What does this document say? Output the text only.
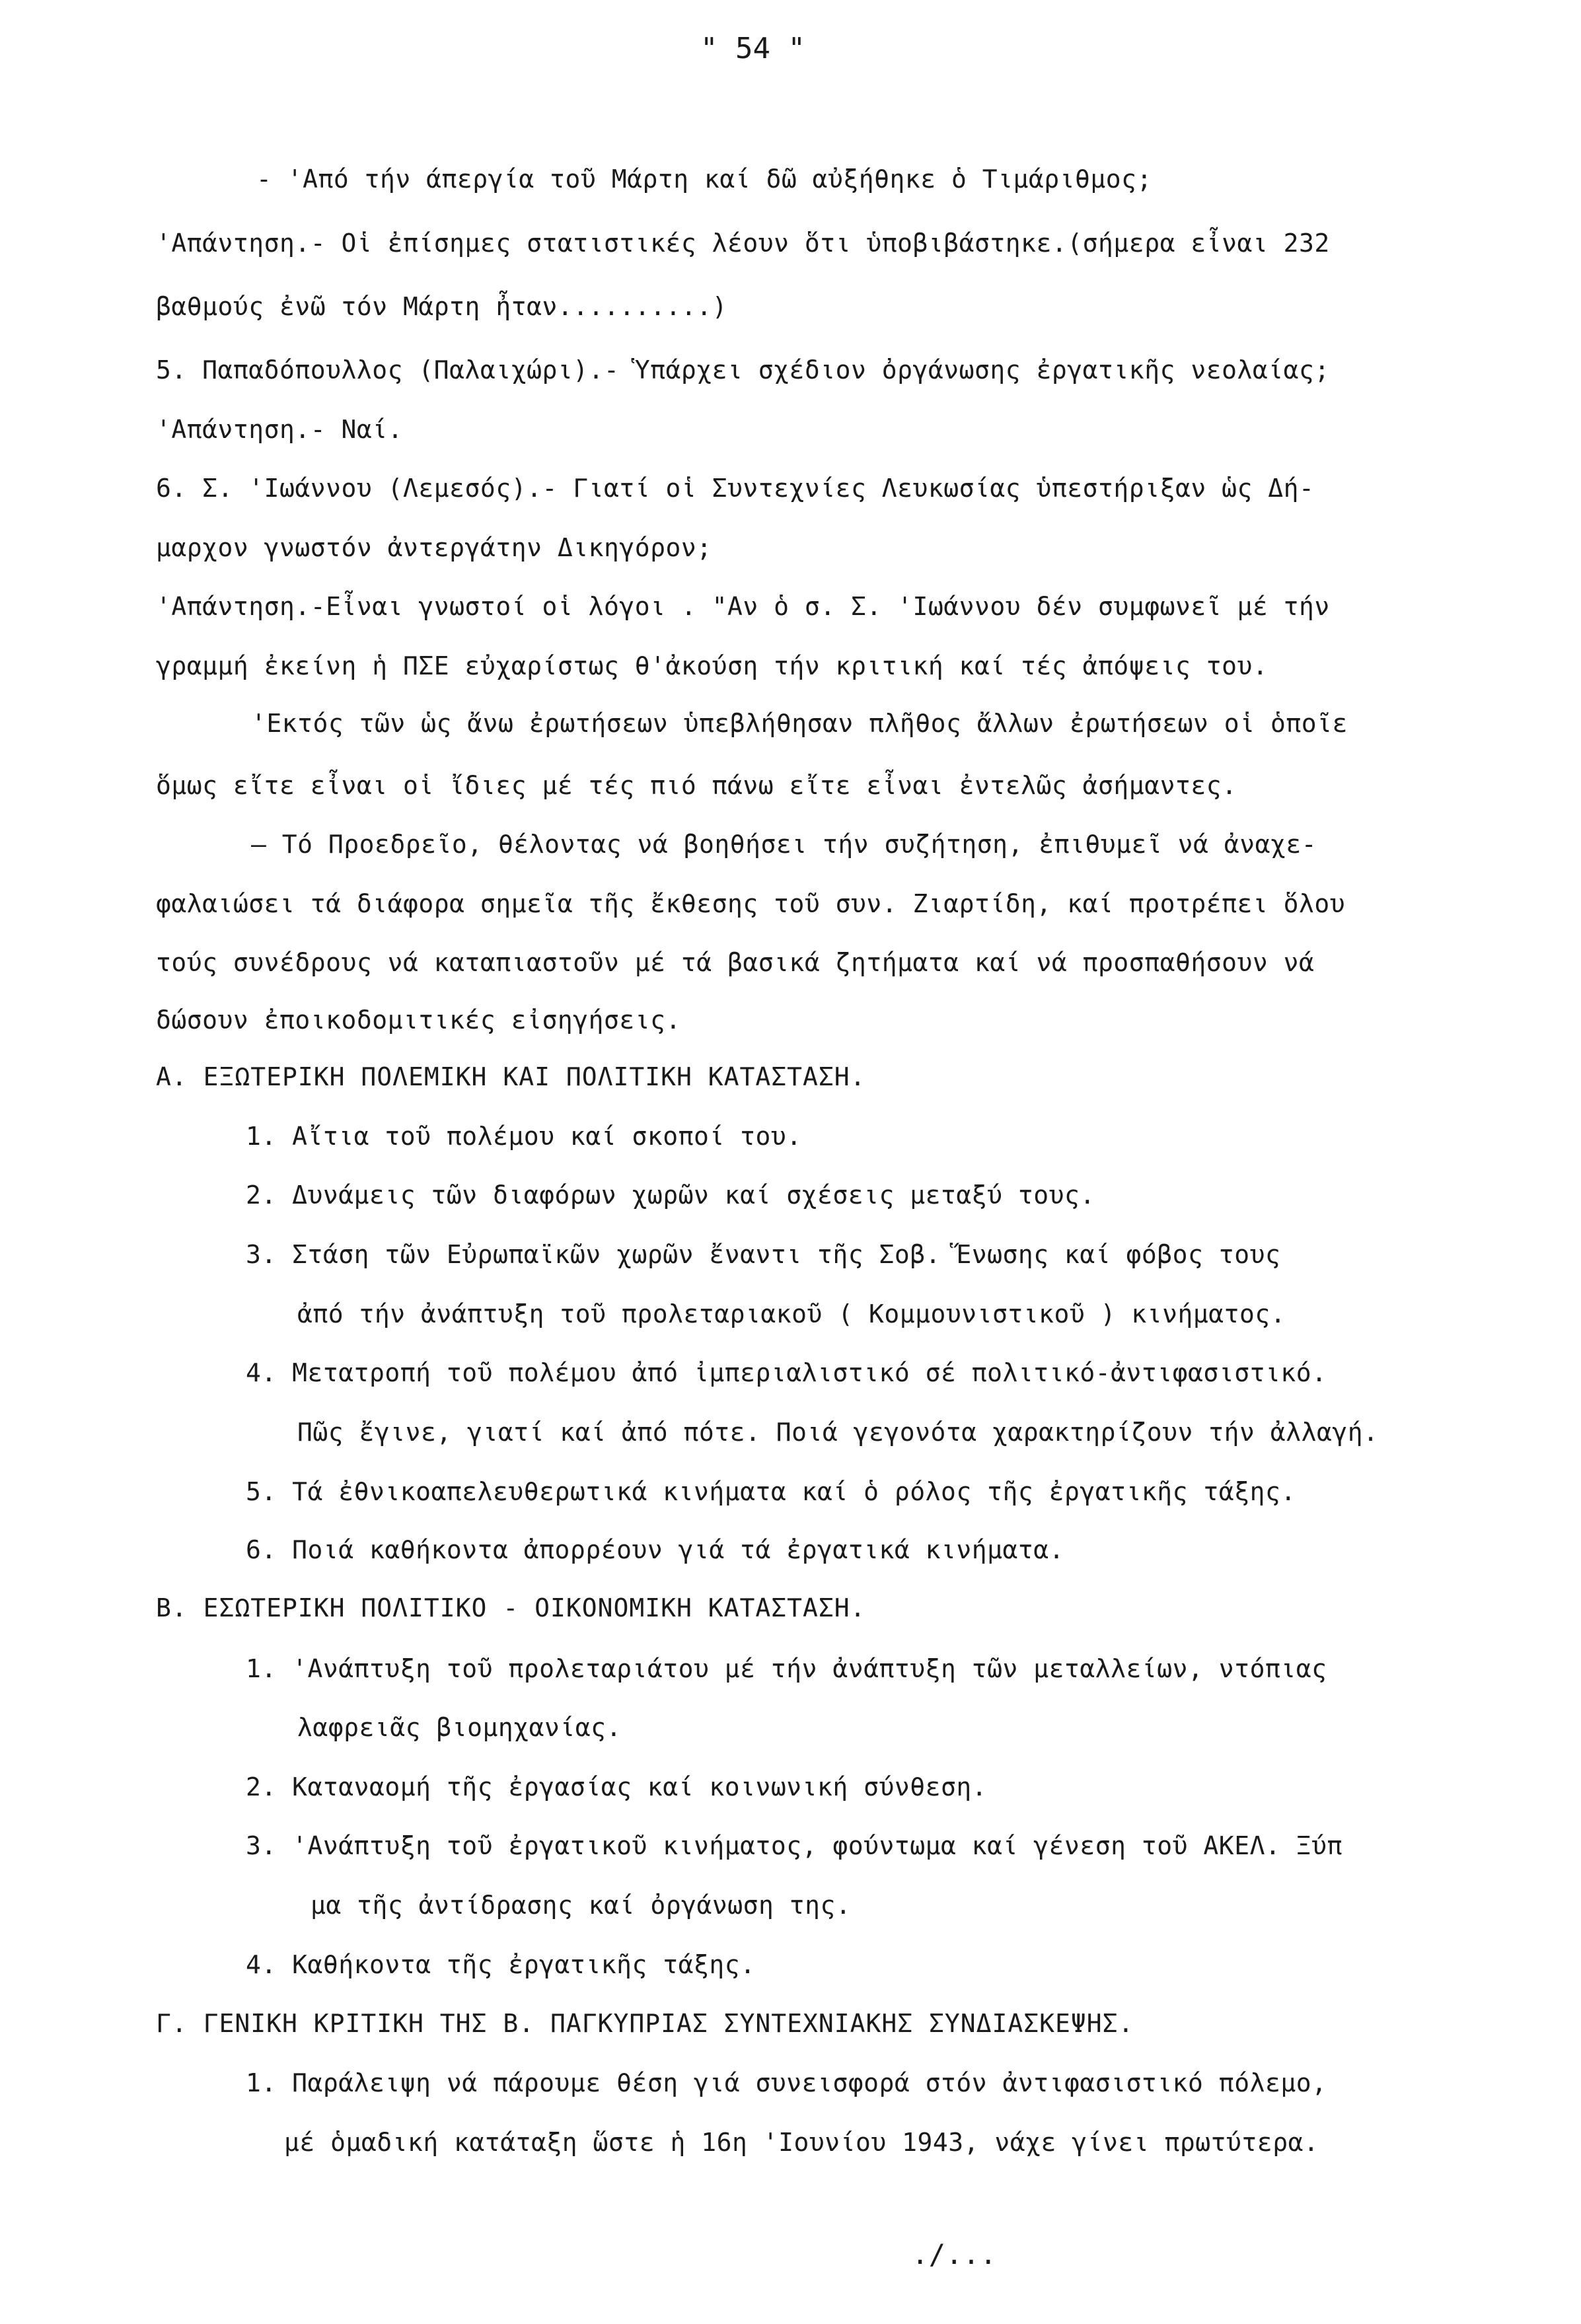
" 54 "
- 'Από τήν άπεργία τοῦ Μάρτη καί δῶ αὐξήθηκε ὁ Τιμάριθμος;
'Απάντηση.- Οἱ ἐπίσημες στατιστικές λέουν ὅτι ὑποβιβάστηκε.(σήμερα εἶναι 232
βαθμούς ἐνῶ τόν Μάρτη ἦταν..........)
5. Παπαδόπουλλος (Παλαιχώρι).- Ὑπάρχει σχέδιον ὀργάνωσης ἐργατικῆς νεολαίας;
'Απάντηση.- Ναί.
6. Σ. 'Ιωάννου (Λεμεσός).- Γιατί οἱ Συντεχνίες Λευκωσίας ὑπεστήριξαν ὡς Δή-
μαρχον γνωστόν ἀντεργάτην Δικηγόρον;
'Απάντηση.-Εἶναι γνωστοί οἱ λόγοι . "Αν ὁ σ. Σ. 'Ιωάννου δέν συμφωνεῖ μέ τήν
γραμμή ἐκείνη ἡ ΠΣΕ εὐχαρίστως θ'ἀκούση τήν κριτική καί τές ἀπόψεις του.
'Εκτός τῶν ὡς ἄνω ἐρωτήσεων ὑπεβλήθησαν πλῆθος ἄλλων ἐρωτήσεων οἱ ὁποῖε
ὅμως εἴτε εἶναι οἱ ἴδιες μέ τές πιό πάνω εἴτε εἶναι ἐντελῶς ἀσήμαντες.
— Τό Προεδρεῖο, θέλοντας νά βοηθήσει τήν συζήτηση, ἐπιθυμεῖ νά ἀναχε-
φαλαιώσει τά διάφορα σημεῖα τῆς ἔκθεσης τοῦ συν. Ζιαρτίδη, καί προτρέπει ὅλου
τούς συνέδρους νά καταπιαστοῦν μέ τά βασικά ζητήματα καί νά προσπαθήσουν νά
δώσουν ἐποικοδομιτικές εἰσηγήσεις.
Α. ΕΞΩΤΕΡΙΚΗ ΠΟΛΕΜΙΚΗ ΚΑΙ ΠΟΛΙΤΙΚΗ ΚΑΤΑΣΤΑΣΗ.
1. Αἴτια τοῦ πολέμου καί σκοποί του.
2. Δυνάμεις τῶν διαφόρων χωρῶν καί σχέσεις μεταξύ τους.
3. Στάση τῶν Εὐρωπαϊκῶν χωρῶν ἔναντι τῆς Σοβ. Ἕνωσης καί φόβος τους
ἀπό τήν ἀνάπτυξη τοῦ προλεταριακοῦ ( Κομμουνιστικοῦ ) κινήματος.
4. Μετατροπή τοῦ πολέμου ἀπό ἰμπεριαλιστικό σέ πολιτικό-ἀντιφασιστικό.
Πῶς ἔγινε, γιατί καί ἀπό πότε. Ποιά γεγονότα χαρακτηρίζουν τήν ἀλλαγή.
5. Τά ἐθνικοαπελευθερωτικά κινήματα καί ὁ ρόλος τῆς ἐργατικῆς τάξης.
6. Ποιά καθήκοντα ἀπορρέουν γιά τά ἐργατικά κινήματα.
Β. ΕΣΩΤΕΡΙΚΗ ΠΟΛΙΤΙΚΟ - ΟΙΚΟΝΟΜΙΚΗ ΚΑΤΑΣΤΑΣΗ.
1. 'Ανάπτυξη τοῦ προλεταριάτου μέ τήν ἀνάπτυξη τῶν μεταλλείων, ντόπιας
λαφρειᾶς βιομηχανίας.
2. Καταναομή τῆς ἐργασίας καί κοινωνική σύνθεση.
3. 'Ανάπτυξη τοῦ ἐργατικοῦ κινήματος, φούντωμα καί γένεση τοῦ ΑΚΕΛ. Ξύπ
μα τῆς ἀντίδρασης καί ὀργάνωση της.
4. Καθήκοντα τῆς ἐργατικῆς τάξης.
Γ. ΓΕΝΙΚΗ ΚΡΙΤΙΚΗ ΤΗΣ Β. ΠΑΓΚΥΠΡΙΑΣ ΣΥΝΤΕΧΝΙΑΚΗΣ ΣΥΝΔΙΑΣΚΕΨΗΣ.
1. Παράλειψη νά πάρουμε θέση γιά συνεισφορά στόν ἀντιφασιστικό πόλεμο,
μέ ὁμαδική κατάταξη ὥστε ἡ 16η 'Ιουνίου 1943, νάχε γίνει πρωτύτερα.
./...
